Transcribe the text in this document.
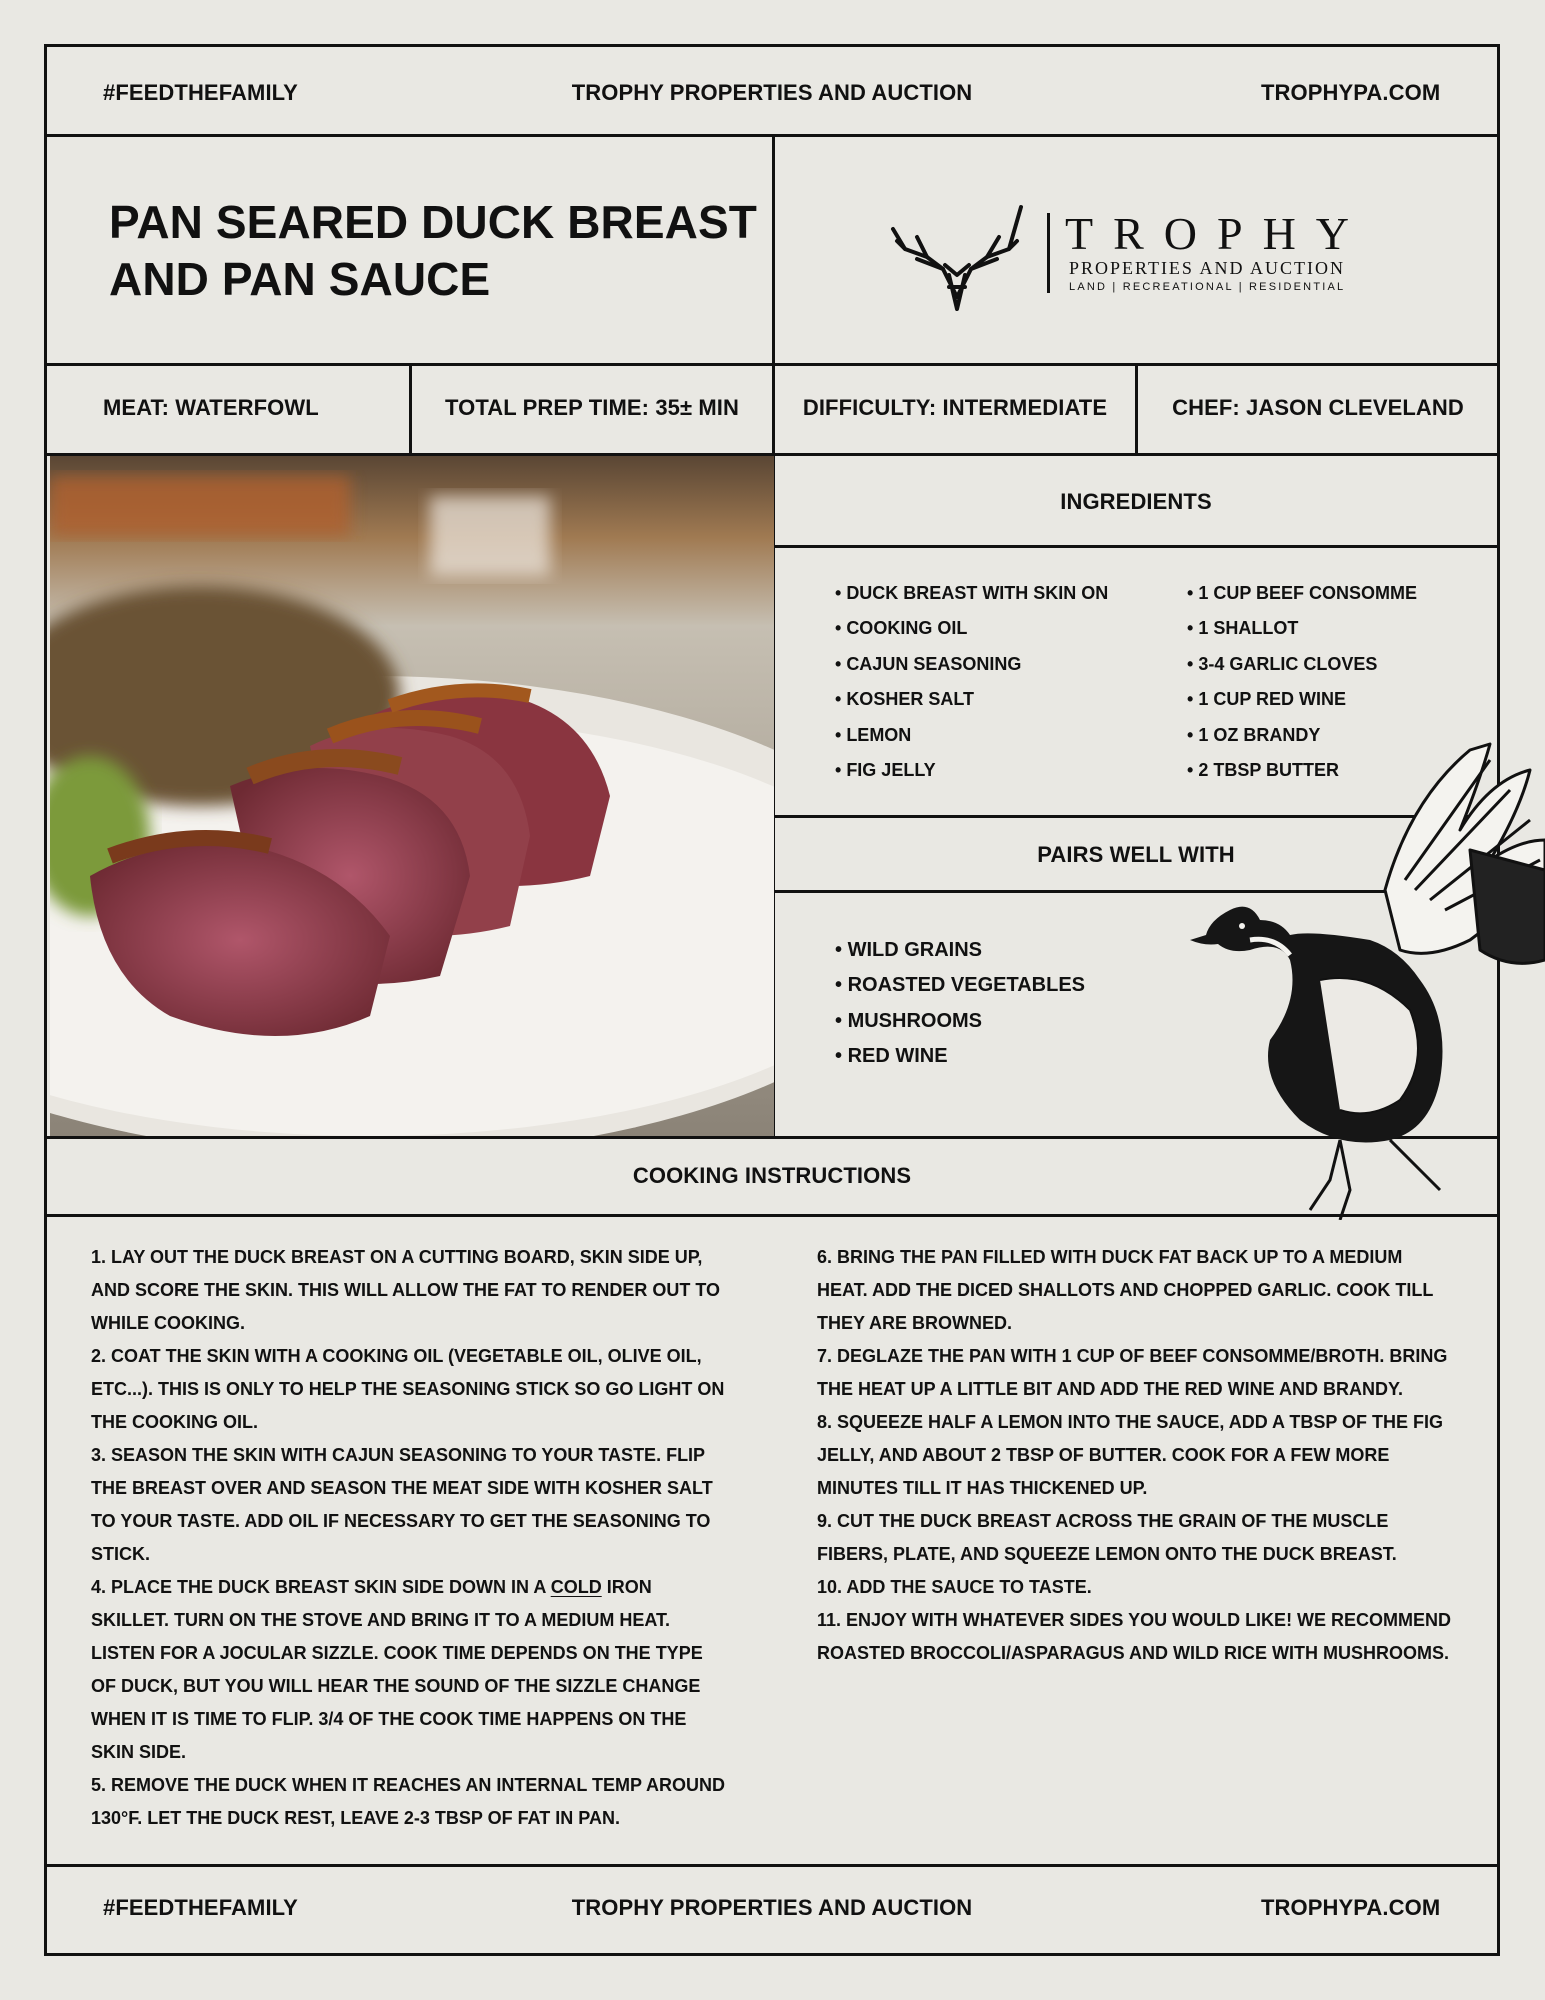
#FEEDTHEFAMILY	TROPHY PROPERTIES AND AUCTION	TROPHYPA.COM
PAN SEARED DUCK BREAST
AND PAN SAUCE
TROPHY
PROPERTIES AND AUCTION
LAND | RECREATIONAL | RESIDENTIAL
MEAT: WATERFOWL	TOTAL PREP TIME: 35± MIN	DIFFICULTY: INTERMEDIATE	CHEF: JASON CLEVELAND
INGREDIENTS
• DUCK BREAST WITH SKIN ON
• COOKING OIL
• CAJUN SEASONING
• KOSHER SALT
• LEMON
• FIG JELLY
• 1 CUP BEEF CONSOMME
• 1 SHALLOT
• 3-4 GARLIC CLOVES
• 1 CUP RED WINE
• 1 OZ BRANDY
• 2 TBSP BUTTER
PAIRS WELL WITH
• WILD GRAINS
• ROASTED VEGETABLES
• MUSHROOMS
• RED WINE
COOKING INSTRUCTIONS

1. LAY OUT THE DUCK BREAST ON A CUTTING BOARD, SKIN SIDE UP, AND SCORE THE SKIN. THIS WILL ALLOW THE FAT TO RENDER OUT TO WHILE COOKING.

2. COAT THE SKIN WITH A COOKING OIL (VEGETABLE OIL, OLIVE OIL, ETC...). THIS IS ONLY TO HELP THE SEASONING STICK SO GO LIGHT ON THE COOKING OIL.

3. SEASON THE SKIN WITH CAJUN SEASONING TO YOUR TASTE. FLIP THE BREAST OVER AND SEASON THE MEAT SIDE WITH KOSHER SALT TO YOUR TASTE. ADD OIL IF NECESSARY TO GET THE SEASONING TO STICK.

4. PLACE THE DUCK BREAST SKIN SIDE DOWN IN A COLD IRON SKILLET. TURN ON THE STOVE AND BRING IT TO A MEDIUM HEAT. LISTEN FOR A JOCULAR SIZZLE. COOK TIME DEPENDS ON THE TYPE OF DUCK, BUT YOU WILL HEAR THE SOUND OF THE SIZZLE CHANGE WHEN IT IS TIME TO FLIP. 3/4 OF THE COOK TIME HAPPENS ON THE SKIN SIDE.

5. REMOVE THE DUCK WHEN IT REACHES AN INTERNAL TEMP AROUND 130°F. LET THE DUCK REST, LEAVE 2-3 TBSP OF FAT IN PAN.

6. BRING THE PAN FILLED WITH DUCK FAT BACK UP TO A MEDIUM HEAT. ADD THE DICED SHALLOTS AND CHOPPED GARLIC. COOK TILL THEY ARE BROWNED.

7. DEGLAZE THE PAN WITH 1 CUP OF BEEF CONSOMME/BROTH. BRING THE HEAT UP A LITTLE BIT AND ADD THE RED WINE AND BRANDY.

8. SQUEEZE HALF A LEMON INTO THE SAUCE, ADD A TBSP OF THE FIG JELLY, AND ABOUT 2 TBSP OF BUTTER. COOK FOR A FEW MORE MINUTES TILL IT HAS THICKENED UP.

9. CUT THE DUCK BREAST ACROSS THE GRAIN OF THE MUSCLE FIBERS, PLATE, AND SQUEEZE LEMON ONTO THE DUCK BREAST.

10. ADD THE SAUCE TO TASTE.

11. ENJOY WITH WHATEVER SIDES YOU WOULD LIKE! WE RECOMMEND ROASTED BROCCOLI/ASPARAGUS AND WILD RICE WITH MUSHROOMS.

#FEEDTHEFAMILY	TROPHY PROPERTIES AND AUCTION	TROPHYPA.COM
